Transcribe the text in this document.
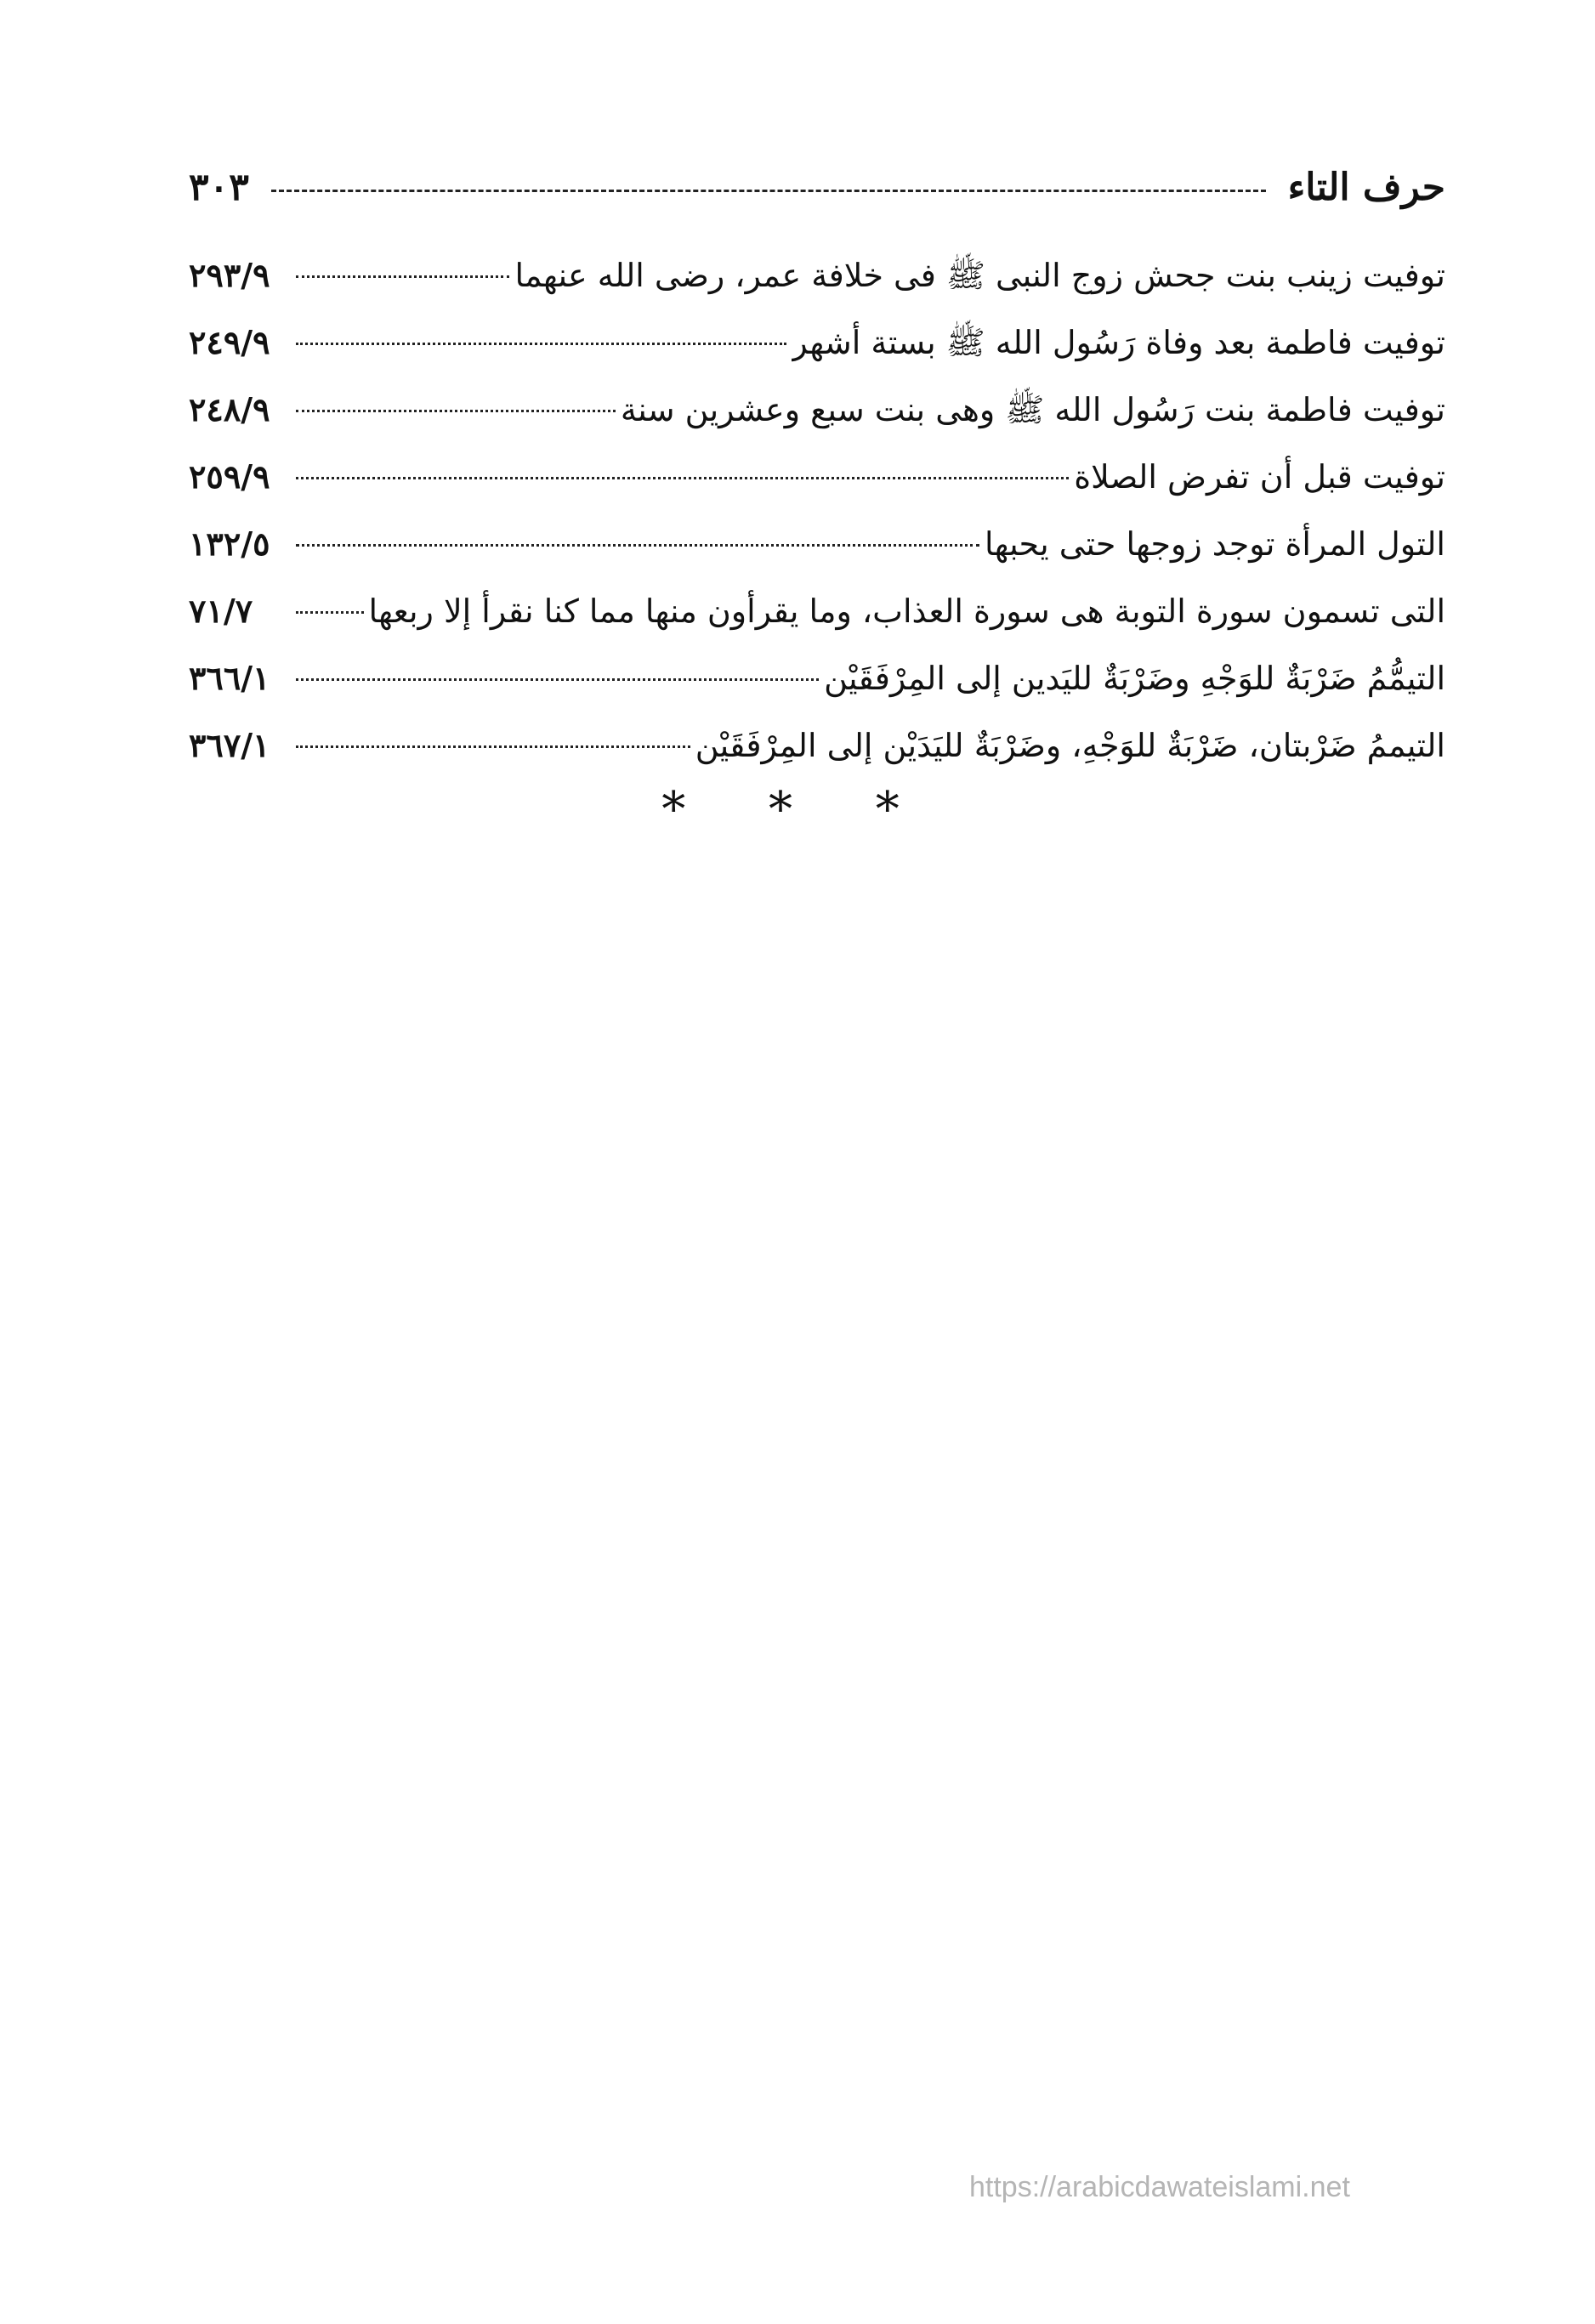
حرف التاء
٣٠٣
توفيت زينب بنت جحش زوج النبى ﷺ فى خلافة عمر، رضى الله عنهما
٢٩٣/٩
توفيت فاطمة بعد وفاة رَسُول الله ﷺ بستة أشهر
٢٤٩/٩
توفيت فاطمة بنت رَسُول الله ﷺ وهى بنت سبع وعشرين سنة
٢٤٨/٩
توفيت قبل أن تفرض الصلاة
٢٥٩/٩
التول المرأة توجد زوجها حتى يحبها
١٣٢/٥
التى تسمون سورة التوبة هى سورة العذاب، وما يقرأون منها مما كنا نقرأ إلا ربعها
٧١/٧
التيمُّمُ ضَرْبَةٌ للوَجْهِ وضَرْبَةٌ لليَدين إلى المِرْفَقَيْن
٣٦٦/١
التيممُ ضَرْبتان، ضَرْبَةٌ للوَجْهِ، وضَرْبَةٌ لليَدَيْن إلى المِرْفَقَيْن
٣٦٧/١
* * *
https://arabicdawateislami.net
